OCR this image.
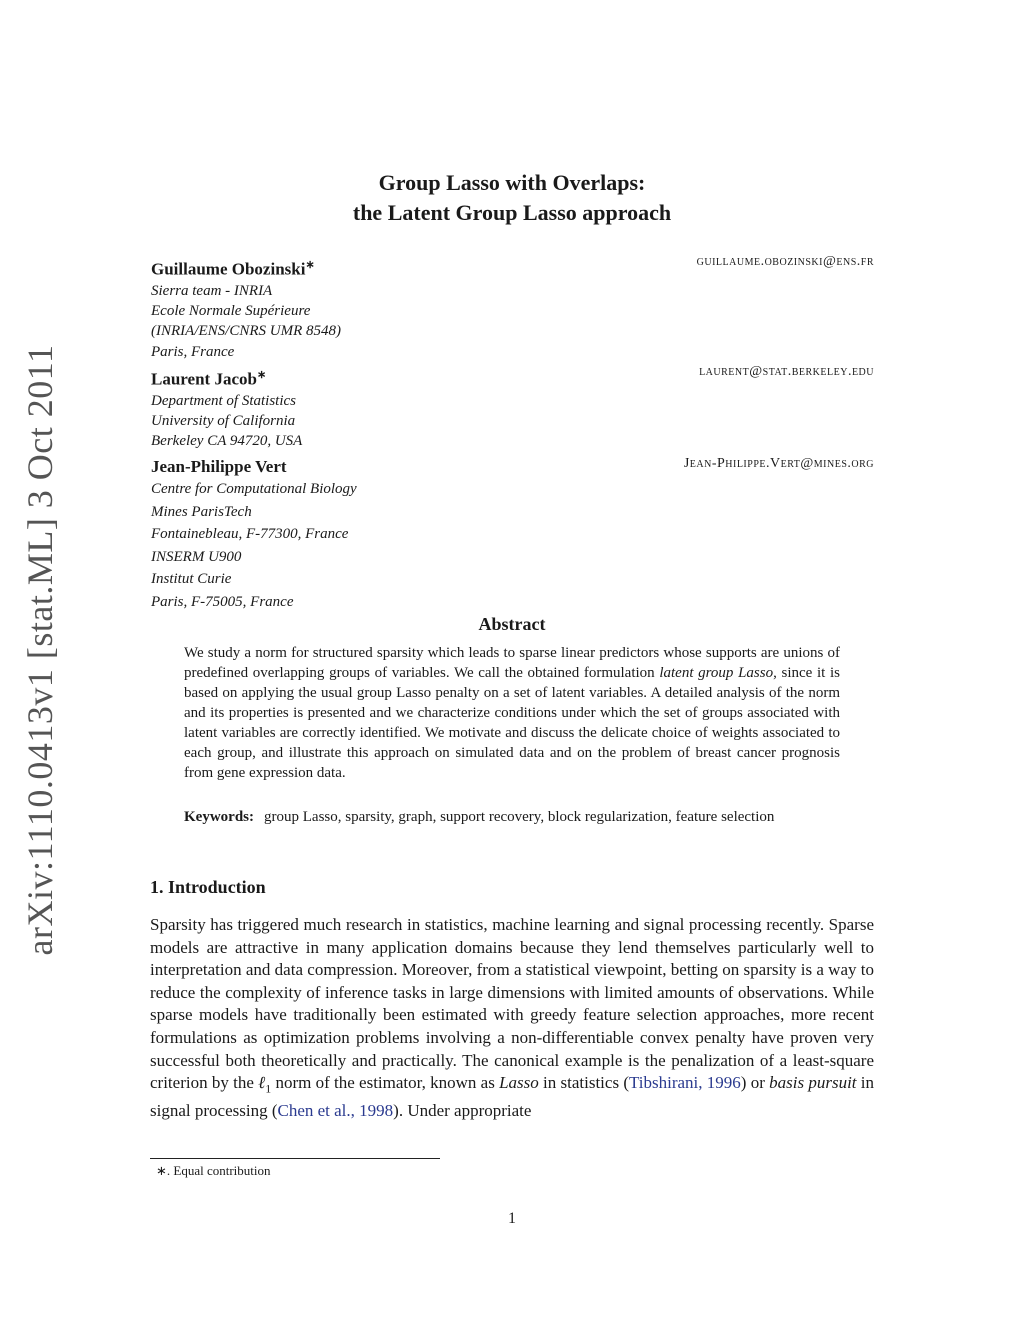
arXiv:1110.0413v1 [stat.ML] 3 Oct 2011
Group Lasso with Overlaps:
the Latent Group Lasso approach
Guillaume Obozinski∗	guillaume.obozinski@ens.fr
Sierra team - INRIA
Ecole Normale Supérieure
(INRIA/ENS/CNRS UMR 8548)
Paris, France
Laurent Jacob∗	laurent@stat.berkeley.edu
Department of Statistics
University of California
Berkeley CA 94720, USA
Jean-Philippe Vert	Jean-Philippe.Vert@mines.org
Centre for Computational Biology
Mines ParisTech
Fontainebleau, F-77300, France
INSERM U900
Institut Curie
Paris, F-75005, France
Abstract
We study a norm for structured sparsity which leads to sparse linear predictors whose supports are unions of predefined overlapping groups of variables. We call the obtained formulation latent group Lasso, since it is based on applying the usual group Lasso penalty on a set of latent variables. A detailed analysis of the norm and its properties is presented and we characterize conditions under which the set of groups associated with latent variables are correctly identified. We motivate and discuss the delicate choice of weights associated to each group, and illustrate this approach on simulated data and on the problem of breast cancer prognosis from gene expression data.
Keywords: group Lasso, sparsity, graph, support recovery, block regularization, feature selection
1. Introduction
Sparsity has triggered much research in statistics, machine learning and signal processing recently. Sparse models are attractive in many application domains because they lend themselves particularly well to interpretation and data compression. Moreover, from a statistical viewpoint, betting on sparsity is a way to reduce the complexity of inference tasks in large dimensions with limited amounts of observations. While sparse models have traditionally been estimated with greedy feature selection approaches, more recent formulations as optimization problems involving a non-differentiable convex penalty have proven very successful both theoretically and practically. The canonical example is the penalization of a least-square criterion by the ℓ$_1$ norm of the estimator, known as Lasso in statistics (Tibshirani, 1996) or basis pursuit in signal processing (Chen et al., 1998). Under appropriate
∗. Equal contribution
1
